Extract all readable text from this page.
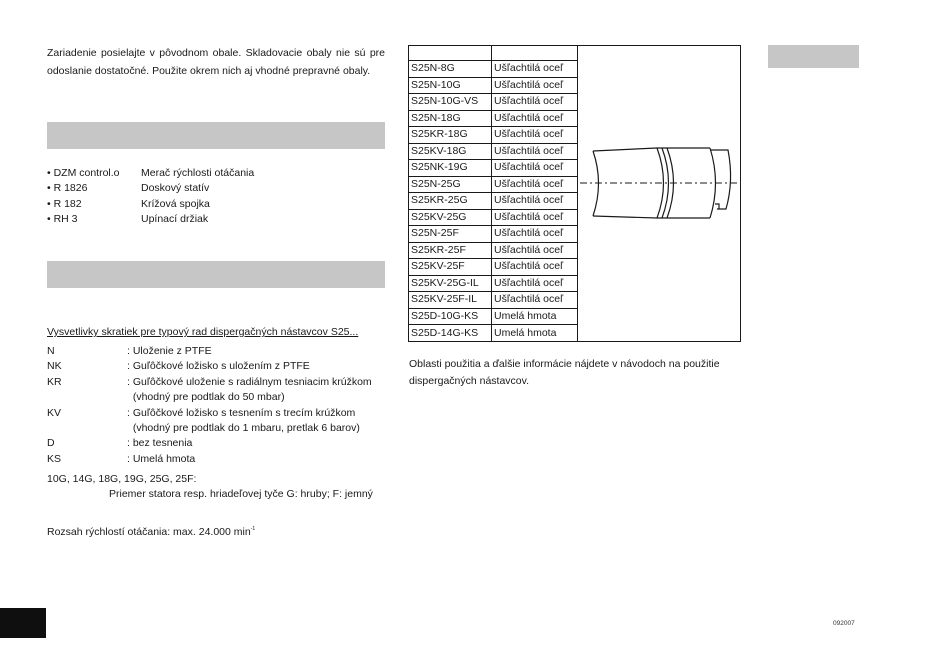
Zariadenie posielajte v pôvodnom obale. Skladovacie obaly nie sú pre odoslanie dostatočné. Použite okrem nich aj vhodné prepravné obaly.
• DZM control.o Merač rýchlosti otáčania
• R 1826	Doskový statív
• R 182	Krížová spojka
• RH 3	Upínací držiak
Vysvetlivky skratiek pre typový rad dispergačných nástavcov S25...
N	: Uloženie z PTFE
NK	: Guľôčkové ložisko s uložením z PTFE
KR	: Guľôčkové uloženie s radiálnym tesniacim krúžkom
(vhodný pre podtlak do 50 mbar)
KV	: Guľôčkové ložisko s tesnením s trecím krúžkom
(vhodný pre podtlak do 1 mbaru, pretlak 6 barov)
D	: bez tesnenia
KS	: Umelá hmota
10G, 14G, 18G, 19G, 25G, 25F:
Priemer statora resp. hriadeľovej tyče G: hruby; F: jemný
Rozsah rýchlostí otáčania: max. 24.000 $\min^{-1}$

S25N-8G	Ušľachtilá oceľ	
S25N-10G	Ušľachtilá oceľ	
S25N-10G-VS	Ušľachtilá oceľ	
S25N-18G	Ušľachtilá oceľ	
S25KR-18G	Ušľachtilá oceľ	
S25KV-18G	Ušľachtilá oceľ	
S25NK-19G	Ušľachtilá oceľ	
S25N-25G	Ušľachtilá oceľ	
S25KR-25G	Ušľachtilá oceľ	
S25KV-25G	Ušľachtilá oceľ	
S25N-25F	Ušľachtilá oceľ	
S25KR-25F	Ušľachtilá oceľ	
S25KV-25F	Ušľachtilá oceľ	
S25KV-25G-IL	Ušľachtilá oceľ	
S25KV-25F-IL	Ušľachtilá oceľ	
S25D-10G-KS	Umelá hmota	
S25D-14G-KS	Umelá hmota	
Oblasti použitia a ďalšie informácie nájdete v návodoch na použitie dispergačných nástavcov.
092007
